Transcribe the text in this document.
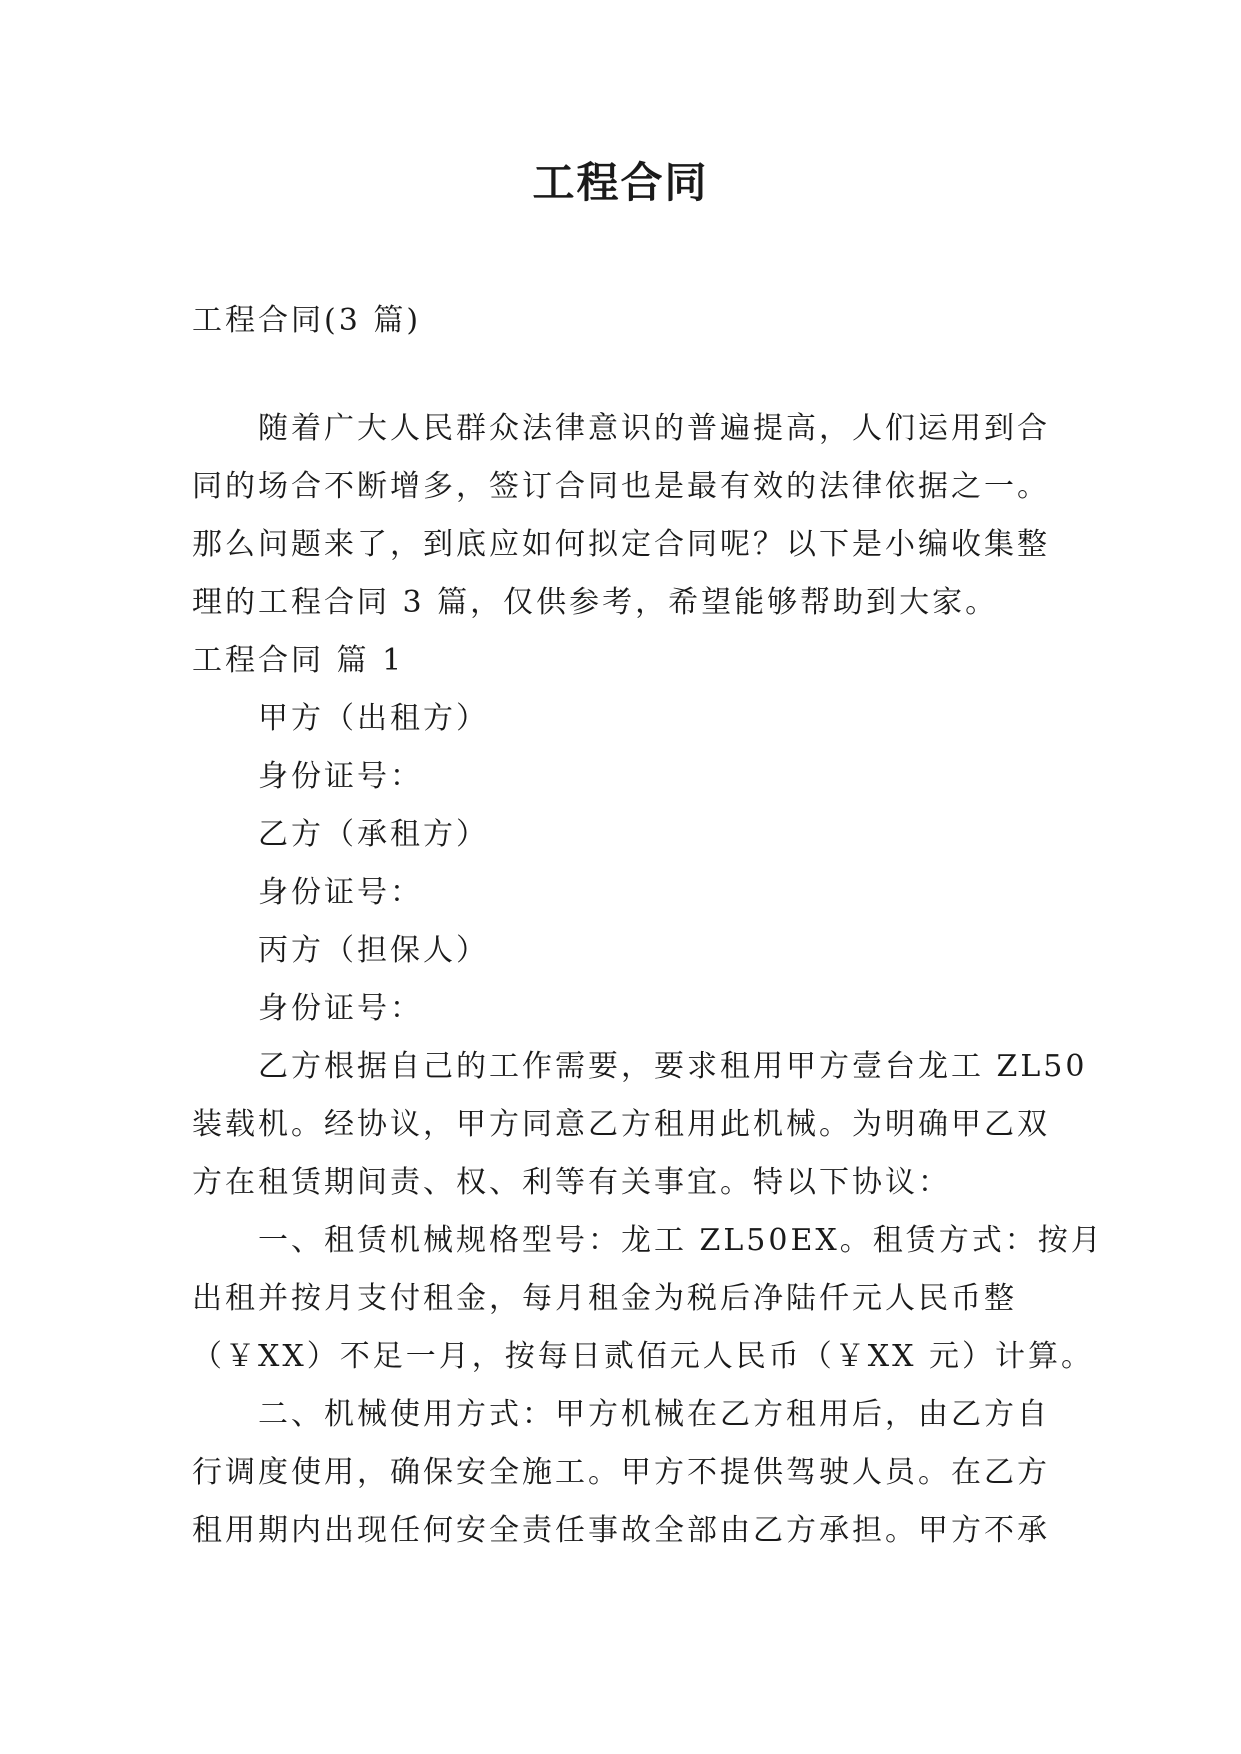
工程合同

工程合同(3 篇)

随着广大人民群众法律意识的普遍提高，人们运用到合

同的场合不断增多，签订合同也是最有效的法律依据之一。

那么问题来了，到底应如何拟定合同呢？以下是小编收集整

理的工程合同 3 篇，仅供参考，希望能够帮助到大家。

工程合同 篇 1

甲方（出租方）

身份证号：

乙方（承租方）

身份证号：

丙方（担保人）

身份证号：

乙方根据自己的工作需要，要求租用甲方壹台龙工 ZL50

装载机。经协议，甲方同意乙方租用此机械。为明确甲乙双

方在租赁期间责、权、利等有关事宜。特以下协议：

一、租赁机械规格型号：龙工 ZL50EX。租赁方式：按月

出租并按月支付租金，每月租金为税后净陆仟元人民币整

（￥XX）不足一月，按每日贰佰元人民币（￥XX 元）计算。

二、机械使用方式：甲方机械在乙方租用后，由乙方自

行调度使用，确保安全施工。甲方不提供驾驶人员。在乙方

租用期内出现任何安全责任事故全部由乙方承担。甲方不承
